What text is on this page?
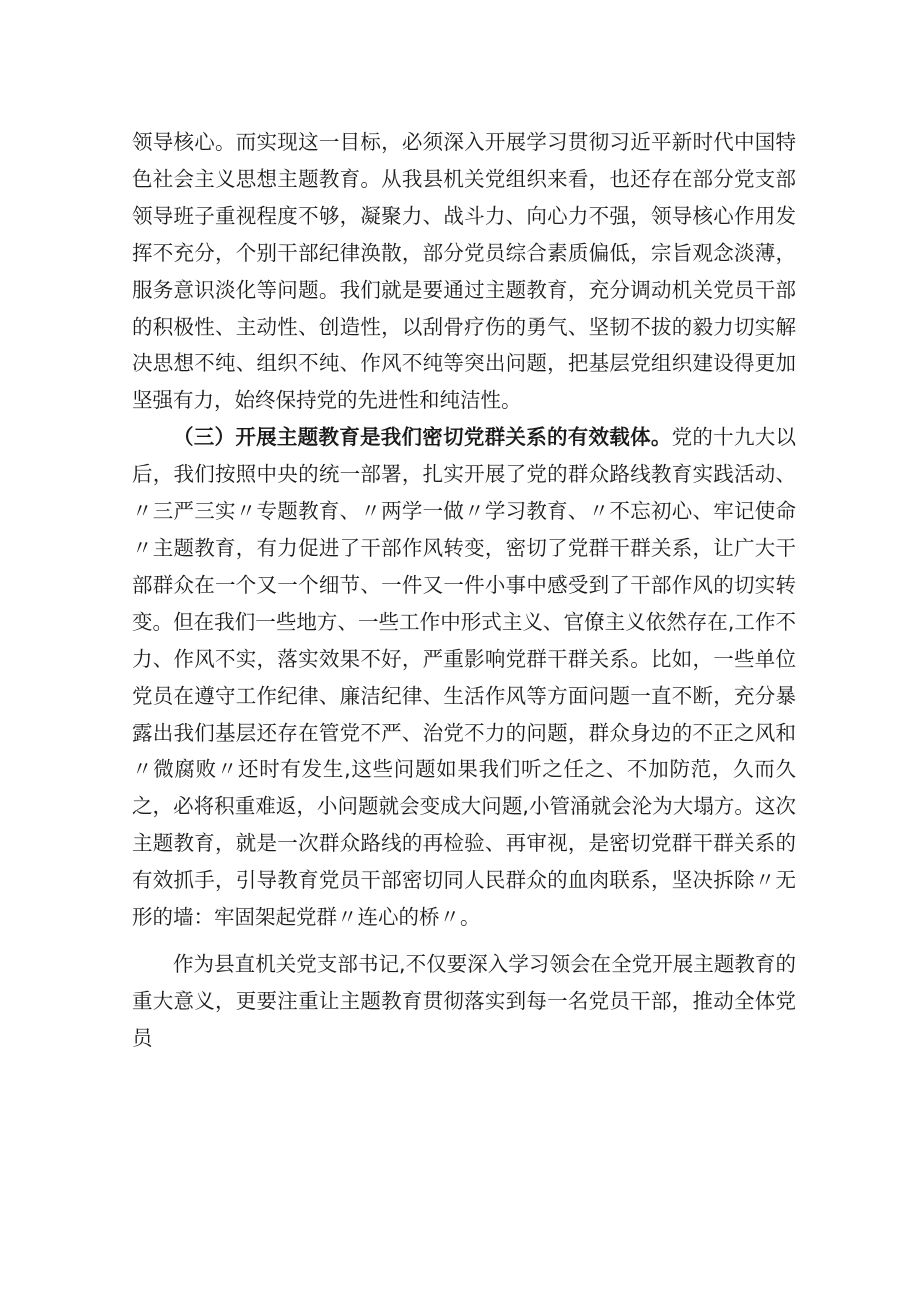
领导核心。而实现这一目标，必须深入开展学习贯彻习近平新时代中国特色社会主义思想主题教育。从我县机关党组织来看，也还存在部分党支部领导班子重视程度不够，凝聚力、战斗力、向心力不强，领导核心作用发挥不充分，个别干部纪律涣散，部分党员综合素质偏低，宗旨观念淡薄，服务意识淡化等问题。我们就是要通过主题教育，充分调动机关党员干部的积极性、主动性、创造性，以刮骨疗伤的勇气、坚韧不拔的毅力切实解决思想不纯、组织不纯、作风不纯等突出问题，把基层党组织建设得更加坚强有力，始终保持党的先进性和纯洁性。

（三）开展主题教育是我们密切党群关系的有效载体。党的十九大以后，我们按照中央的统一部署，扎实开展了党的群众路线教育实践活动、〃三严三实〃专题教育、〃两学一做〃学习教育、〃不忘初心、牢记使命〃主题教育，有力促进了干部作风转变，密切了党群干群关系，让广大干部群众在一个又一个细节、一件又一件小事中感受到了干部作风的切实转变。但在我们一些地方、一些工作中形式主义、官僚主义依然存在,工作不力、作风不实，落实效果不好，严重影响党群干群关系。比如，一些单位党员在遵守工作纪律、廉洁纪律、生活作风等方面问题一直不断，充分暴露出我们基层还存在管党不严、治党不力的问题，群众身边的不正之风和〃微腐败〃还时有发生,这些问题如果我们听之任之、不加防范，久而久之，必将积重难返，小问题就会变成大问题,小管涌就会沦为大塌方。这次主题教育，就是一次群众路线的再检验、再审视，是密切党群干群关系的有效抓手，引导教育党员干部密切同人民群众的血肉联系，坚决拆除〃无形的墙：牢固架起党群〃连心的桥〃。

作为县直机关党支部书记,不仅要深入学习领会在全党开展主题教育的重大意义，更要注重让主题教育贯彻落实到每一名党员干部，推动全体党员
